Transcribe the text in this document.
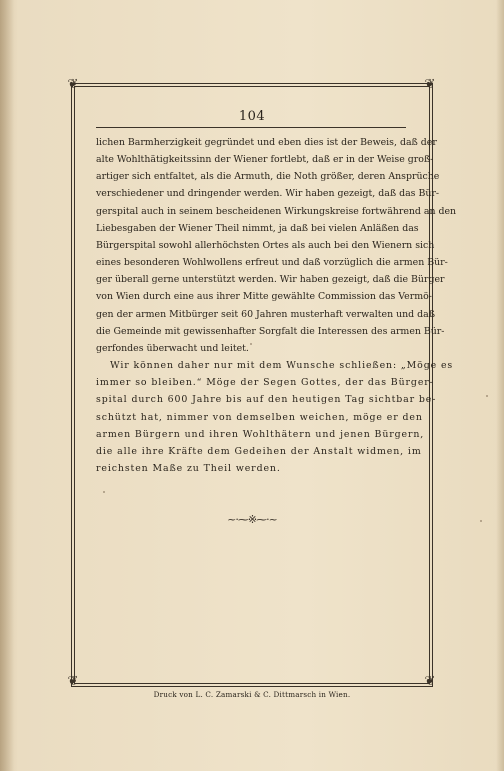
❦	❦
❦	❦
104

lichen Barmherzigkeit gegründet und eben dies ist der Beweis, daß der
alte Wohlthätigkeitssinn der Wiener fortlebt, daß er in der Weise groß-
artiger sich entfaltet, als die Armuth, die Noth größer, deren Ansprüche
verschiedener und dringender werden. Wir haben gezeigt, daß das Bür-
gerspital auch in seinem bescheidenen Wirkungskreise fortwährend an den
Liebesgaben der Wiener Theil nimmt, ja daß bei vielen Anläßen das
Bürgerspital sowohl allerhöchsten Ortes als auch bei den Wienern sich
eines besonderen Wohlwollens erfreut und daß vorzüglich die armen Bür-
ger überall gerne unterstützt werden. Wir haben gezeigt, daß die Bürger
von Wien durch eine aus ihrer Mitte gewählte Commission das Vermö-
gen der armen Mitbürger seit 60 Jahren musterhaft verwalten und daß
die Gemeinde mit gewissenhafter Sorgfalt die Interessen des armen Bür-
gerfondes überwacht und leitet.

Wir können daher nur mit dem Wunsche schließen: „Möge es
immer so bleiben.“ Möge der Segen Gottes, der das Bürger-
spital durch 600 Jahre bis auf den heutigen Tag sichtbar be-
schützt hat, nimmer von demselben weichen, möge er den
armen Bürgern und ihren Wohlthätern und jenen Bürgern,
die alle ihre Kräfte dem Gedeihen der Anstalt widmen, im
reichsten Maße zu Theil werden.

~·⁓※⁓·~
Druck von L. C. Zamarski & C. Dittmarsch in Wien.
